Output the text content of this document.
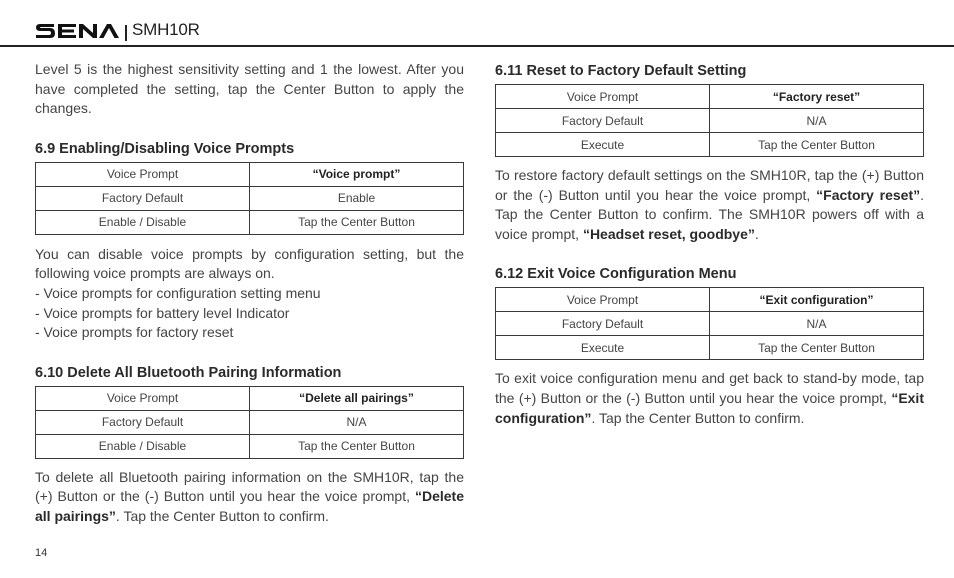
SMH10R

Level 5 is the highest sensitivity setting and 1 the lowest. After you have completed the setting, tap the Center Button to apply the changes.

6.9 Enabling/Disabling Voice Prompts
Voice Prompt	“Voice prompt”
Factory Default	Enable
Enable / Disable	Tap the Center Button

You can disable voice prompts by configuration setting, but the following voice prompts are always on.

- Voice prompts for configuration setting menu

- Voice prompts for battery level Indicator

- Voice prompts for factory reset

6.10 Delete All Bluetooth Pairing Information
Voice Prompt	“Delete all pairings”
Factory Default	N/A
Enable / Disable	Tap the Center Button

To delete all Bluetooth pairing information on the SMH10R, tap the (+) Button or the (-) Button until you hear the voice prompt, “Delete all pairings”. Tap the Center Button to confirm.

6.11 Reset to Factory Default Setting
Voice Prompt	“Factory reset”
Factory Default	N/A
Execute	Tap the Center Button

To restore factory default settings on the SMH10R, tap the (+) Button or the (-) Button until you hear the voice prompt, “Factory reset”. Tap the Center Button to confirm. The SMH10R powers off with a voice prompt, “Headset reset, goodbye”.

6.12 Exit Voice Configuration Menu
Voice Prompt	“Exit configuration”
Factory Default	N/A
Execute	Tap the Center Button

To exit voice configuration menu and get back to stand-by mode, tap the (+) Button or the (-) Button until you hear the voice prompt, “Exit configuration”. Tap the Center Button to confirm.

14
